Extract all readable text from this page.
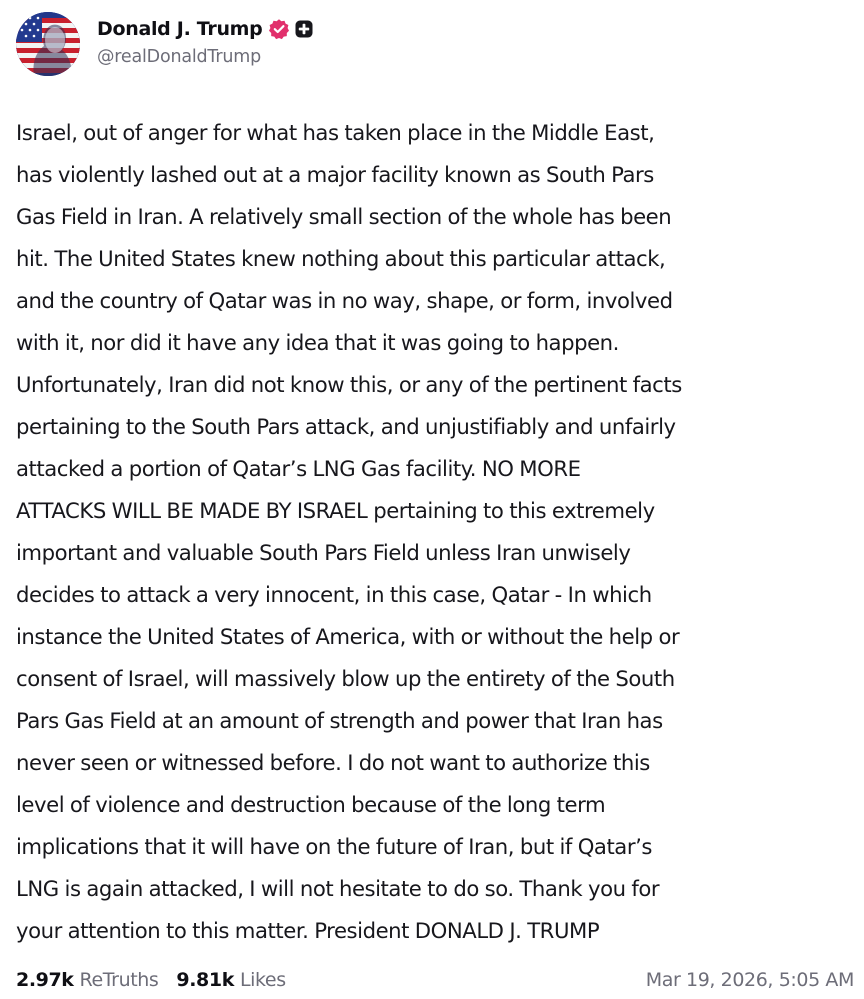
Donald J. Trump
@realDonaldTrump
Israel, out of anger for what has taken place in the Middle East,
has violently lashed out at a major facility known as South Pars
Gas Field in Iran. A relatively small section of the whole has been
hit. The United States knew nothing about this particular attack,
and the country of Qatar was in no way, shape, or form, involved
with it, nor did it have any idea that it was going to happen.
Unfortunately, Iran did not know this, or any of the pertinent facts
pertaining to the South Pars attack, and unjustifiably and unfairly
attacked a portion of Qatar’s LNG Gas facility. NO MORE
ATTACKS WILL BE MADE BY ISRAEL pertaining to this extremely
important and valuable South Pars Field unless Iran unwisely
decides to attack a very innocent, in this case, Qatar - In which
instance the United States of America, with or without the help or
consent of Israel, will massively blow up the entirety of the South
Pars Gas Field at an amount of strength and power that Iran has
never seen or witnessed before. I do not want to authorize this
level of violence and destruction because of the long term
implications that it will have on the future of Iran, but if Qatar’s
LNG is again attacked, I will not hesitate to do so. Thank you for
your attention to this matter. President DONALD J. TRUMP
2.97k ReTruths 9.81k Likes	Mar 19, 2026, 5:05 AM
